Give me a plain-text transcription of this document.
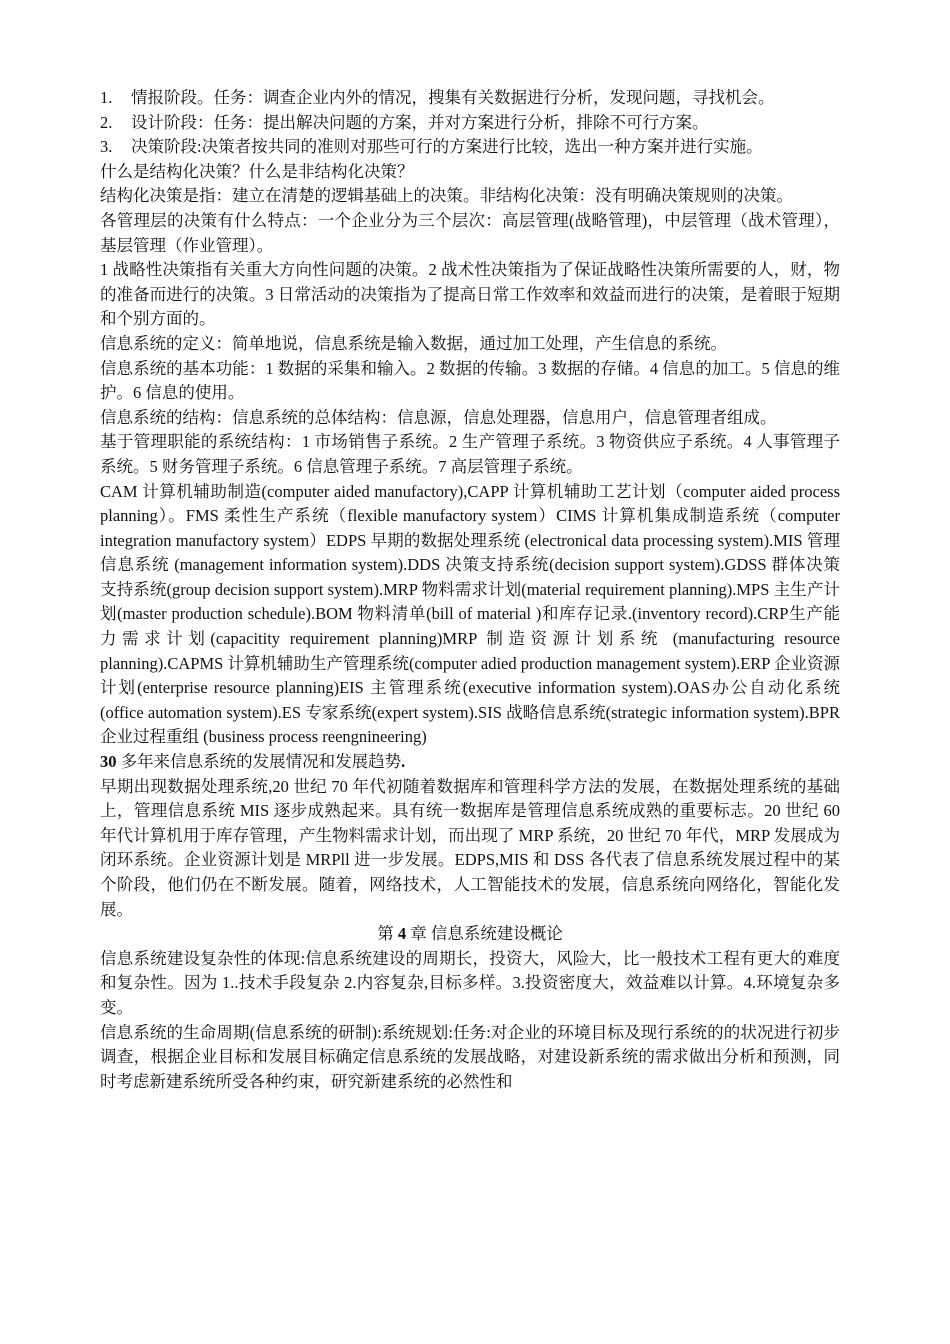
1. 情报阶段。任务：调查企业内外的情况，搜集有关数据进行分析，发现问题，寻找机会。
2. 设计阶段：任务：提出解决问题的方案，并对方案进行分析，排除不可行方案。
3. 决策阶段:决策者按共同的准则对那些可行的方案进行比较，选出一种方案并进行实施。

什么是结构化决策？什么是非结构化决策？

结构化决策是指：建立在清楚的逻辑基础上的决策。非结构化决策：没有明确决策规则的决策。

各管理层的决策有什么特点：一个企业分为三个层次：高层管理(战略管理)，中层管理（战术管理），基层管理（作业管理）。

1 战略性决策指有关重大方向性问题的决策。2 战术性决策指为了保证战略性决策所需要的人，财，物的准备而进行的决策。3 日常活动的决策指为了提高日常工作效率和效益而进行的决策，是着眼于短期和个别方面的。

信息系统的定义：简单地说，信息系统是输入数据，通过加工处理，产生信息的系统。

信息系统的基本功能：1 数据的采集和输入。2 数据的传输。3 数据的存储。4 信息的加工。5 信息的维护。6 信息的使用。

信息系统的结构：信息系统的总体结构：信息源，信息处理器，信息用户，信息管理者组成。

基于管理职能的系统结构：1 市场销售子系统。2 生产管理子系统。3 物资供应子系统。4 人事管理子系统。5 财务管理子系统。6 信息管理子系统。7 高层管理子系统。

CAM 计算机辅助制造(computer aided manufactory),CAPP 计算机辅助工艺计划（computer aided process planning）。FMS 柔性生产系统（flexible manufactory system）CIMS 计算机集成制造系统（computer integration manufactory system）EDPS 早期的数据处理系统 (electronical data processing system).MIS 管理信息系统 (management information system).DDS 决策支持系统(decision support system).GDSS 群体决策支持系统(group decision support system).MRP 物料需求计划(material requirement planning).MPS 主生产计划(master production schedule).BOM 物料清单(bill of material )和库存记录.(inventory record).CRP生产能力需求计划(capacitity requirement planning)MRP 制造资源计划系统 (manufacturing resource planning).CAPMS 计算机辅助生产管理系统(computer adied production management system).ERP 企业资源计划(enterprise resource planning)EIS 主管理系统(executive information system).OAS办公自动化系统(office automation system).ES 专家系统(expert system).SIS 战略信息系统(strategic information system).BPR 企业过程重组 (business process reengnineering)

30 多年来信息系统的发展情况和发展趋势.

早期出现数据处理系统,20 世纪 70 年代初随着数据库和管理科学方法的发展，在数据处理系统的基础上，管理信息系统 MIS 逐步成熟起来。具有统一数据库是管理信息系统成熟的重要标志。20 世纪 60 年代计算机用于库存管理，产生物料需求计划，而出现了 MRP 系统，20 世纪 70 年代，MRP 发展成为闭环系统。企业资源计划是 MRPll 进一步发展。EDPS,MIS 和 DSS 各代表了信息系统发展过程中的某个阶段，他们仍在不断发展。随着，网络技术，人工智能技术的发展，信息系统向网络化，智能化发展。

第 4 章 信息系统建设概论

信息系统建设复杂性的体现:信息系统建设的周期长，投资大，风险大，比一般技术工程有更大的难度和复杂性。因为 1..技术手段复杂 2.内容复杂,目标多样。3.投资密度大，效益难以计算。4.环境复杂多变。

信息系统的生命周期(信息系统的研制):系统规划:任务:对企业的环境目标及现行系统的的状况进行初步调查，根据企业目标和发展目标确定信息系统的发展战略，对建设新系统的需求做出分析和预测，同时考虑新建系统所受各种约束，研究新建系统的必然性和
